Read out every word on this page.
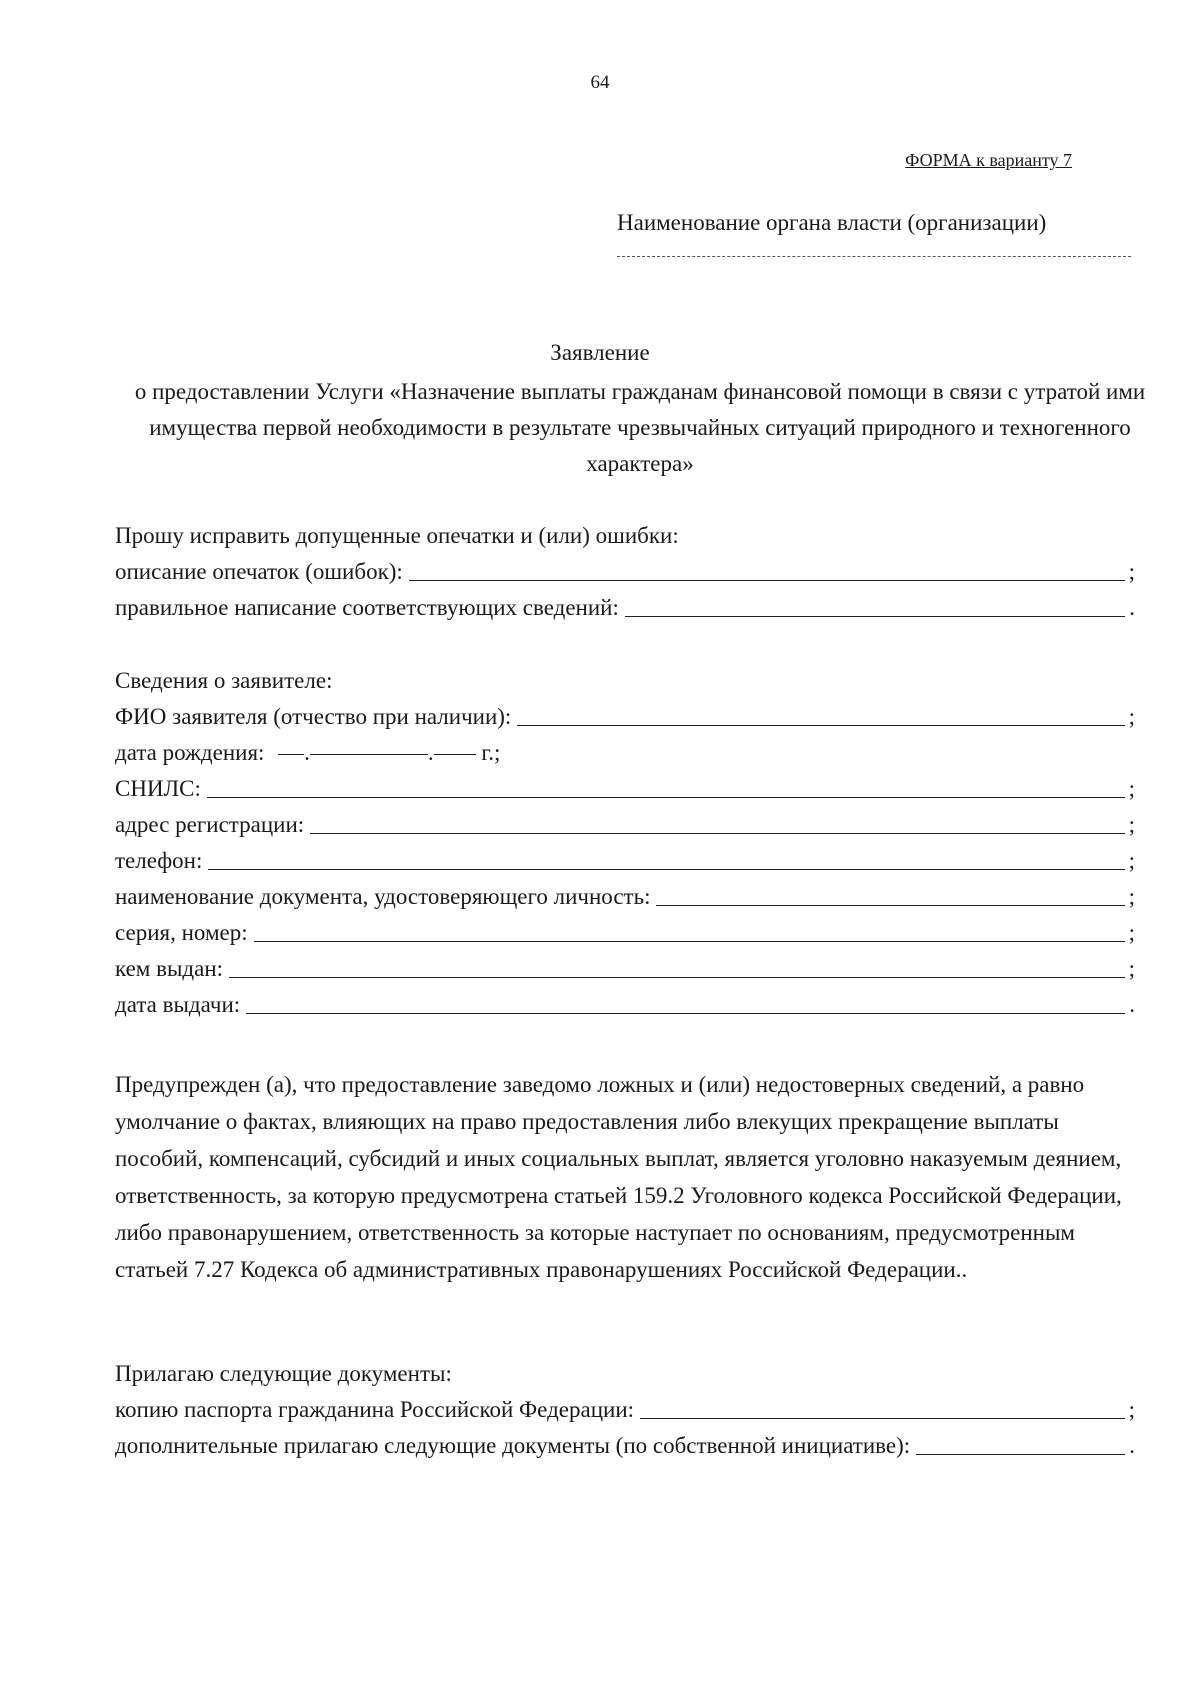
64
ФОРМА к варианту 7
Наименование органа власти (организации)
Заявление
о предоставлении Услуги «Назначение выплаты гражданам финансовой помощи в связи с утратой ими имущества первой необходимости в результате чрезвычайных ситуаций природного и техногенного характера»
Прошу исправить допущенные опечатки и (или) ошибки:
описание опечаток (ошибок):	;
правильное написание соответствующих сведений:	.
Сведения о заявителе:
ФИО заявителя (отчество при наличии):	;
дата рождения: .	. г.;
СНИЛС:	;
адрес регистрации:	;
телефон:	;
наименование документа, удостоверяющего личность:	;
серия, номер:	;
кем выдан:	;
дата выдачи:	.
Предупрежден (а), что предоставление заведомо ложных и (или) недостоверных сведений, а равно умолчание о фактах, влияющих на право предоставления либо влекущих прекращение выплаты пособий, компенсаций, субсидий и иных социальных выплат, является уголовно наказуемым деянием, ответственность, за которую предусмотрена статьей 159.2 Уголовного кодекса Российской Федерации, либо правонарушением, ответственность за которые наступает по основаниям, предусмотренным статьей 7.27 Кодекса об административных правонарушениях Российской Федерации..
Прилагаю следующие документы:
копию паспорта гражданина Российской Федерации:	;
дополнительные прилагаю следующие документы (по собственной инициативе):	.
